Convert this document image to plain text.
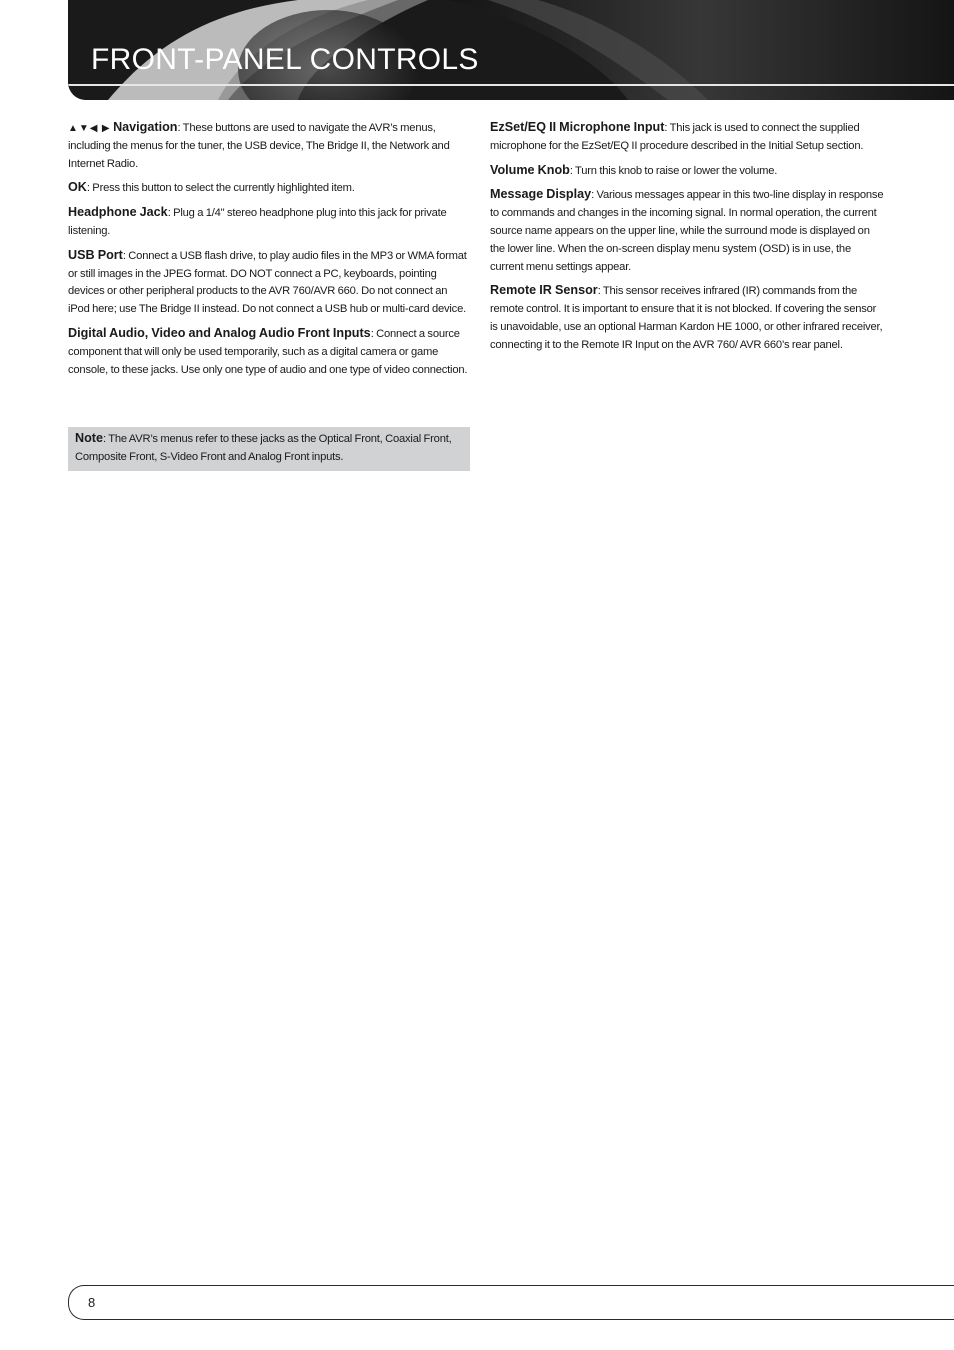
FRONT-PANEL CONTROLS

▲▼◀ ▶ Navigation: These buttons are used to navigate the AVR’s menus, including the menus for the tuner, the USB device, The Bridge II, the Network and Internet Radio.

OK: Press this button to select the currently highlighted item.

Headphone Jack: Plug a 1/4" stereo headphone plug into this jack for private listening.

USB Port: Connect a USB flash drive, to play audio files in the MP3 or WMA format or still images in the JPEG format. DO NOT connect a PC, keyboards, pointing devices or other peripheral products to the AVR 760/AVR 660. Do not connect an iPod here; use The Bridge II instead. Do not connect a USB hub or multi-card device.

Digital Audio, Video and Analog Audio Front Inputs: Connect a source component that will only be used temporarily, such as a digital camera or game console, to these jacks. Use only one type of audio and one type of video connection.

Note: The AVR’s menus refer to these jacks as the Optical Front, Coaxial Front, Composite Front, S-Video Front and Analog Front inputs.

EzSet/EQ II Microphone Input: This jack is used to connect the supplied microphone for the EzSet/EQ II procedure described in the Initial Setup section.

Volume Knob: Turn this knob to raise or lower the volume.

Message Display: Various messages appear in this two-line display in response to commands and changes in the incoming signal. In normal operation, the current source name appears on the upper line, while the surround mode is displayed on the lower line. When the on-screen display menu system (OSD) is in use, the current menu settings appear.

Remote IR Sensor: This sensor receives infrared (IR) commands from the remote control. It is important to ensure that it is not blocked. If covering the sensor is unavoidable, use an optional Harman Kardon HE 1000, or other infrared receiver, connecting it to the Remote IR Input on the AVR 760/ AVR 660’s rear panel.

8
